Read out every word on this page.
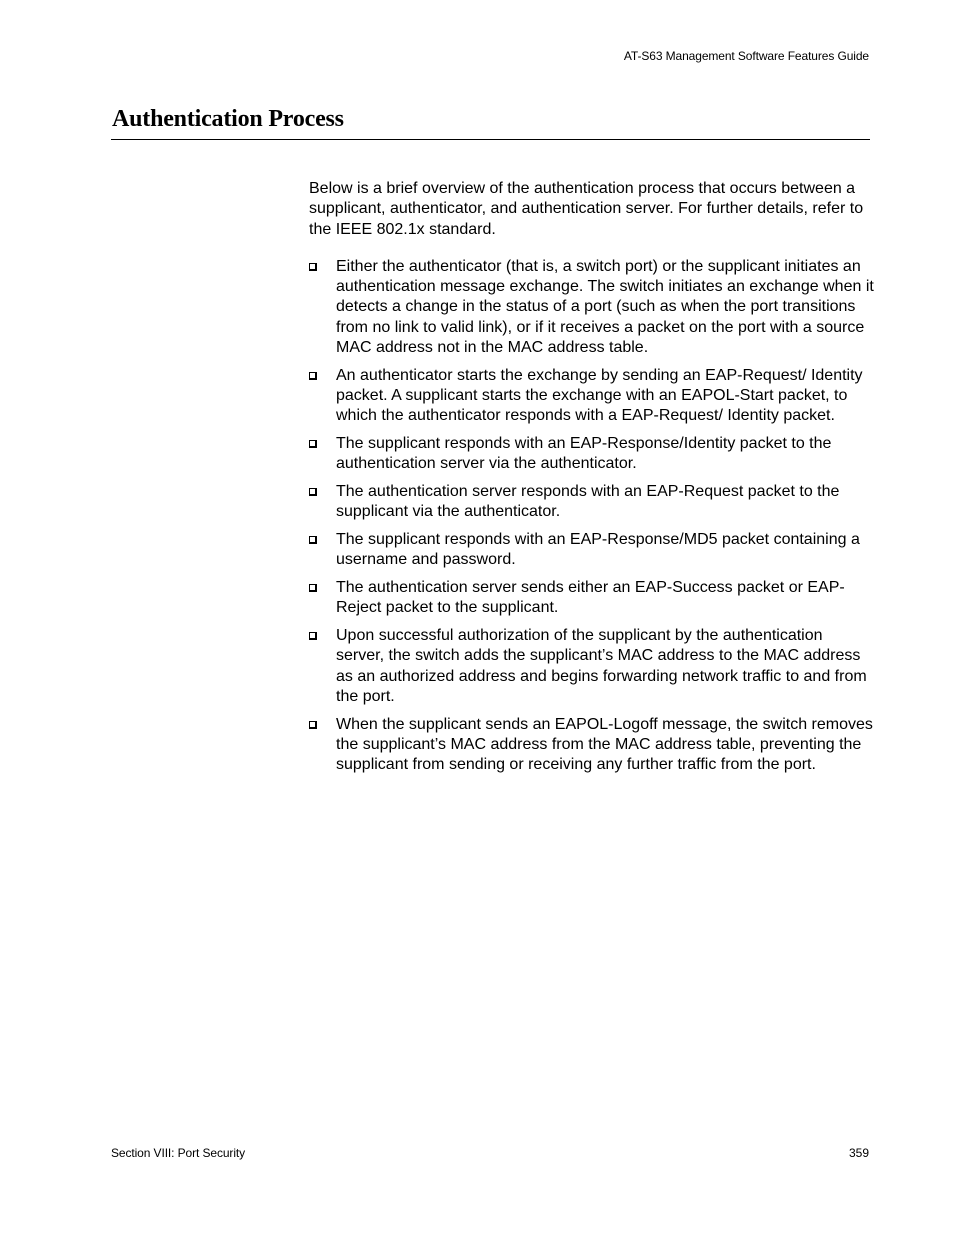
AT-S63 Management Software Features Guide
Authentication Process

Below is a brief overview of the authentication process that occurs between a supplicant, authenticator, and authentication server. For further details, refer to the IEEE 802.1x standard.

Either the authenticator (that is, a switch port) or the supplicant initiates an authentication message exchange. The switch initiates an exchange when it detects a change in the status of a port (such as when the port transitions from no link to valid link), or if it receives a packet on the port with a source MAC address not in the MAC address table.
An authenticator starts the exchange by sending an EAP-Request/ Identity packet. A supplicant starts the exchange with an EAPOL-Start packet, to which the authenticator responds with a EAP-Request/ Identity packet.
The supplicant responds with an EAP-Response/Identity packet to the authentication server via the authenticator.
The authentication server responds with an EAP-Request packet to the supplicant via the authenticator.
The supplicant responds with an EAP-Response/MD5 packet containing a username and password.
The authentication server sends either an EAP-Success packet or EAP-Reject packet to the supplicant.
Upon successful authorization of the supplicant by the authentication server, the switch adds the supplicant’s MAC address to the MAC address as an authorized address and begins forwarding network traffic to and from the port.
When the supplicant sends an EAPOL-Logoff message, the switch removes the supplicant’s MAC address from the MAC address table, preventing the supplicant from sending or receiving any further traffic from the port.
Section VIII: Port Security	359
